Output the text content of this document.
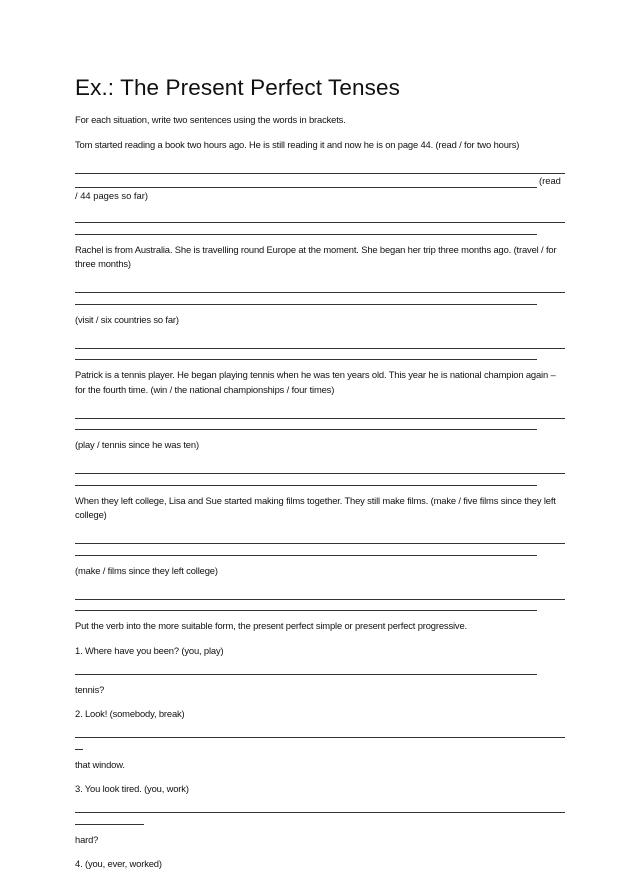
Ex.: The Present Perfect Tenses

For each situation, write two sentences using the words in brackets.

Tom started reading a book two hours ago. He is still reading it and now he is on page 44. (read / for two hours)

(read
/ 44 pages so far)

Rachel is from Australia. She is travelling round Europe at the moment. She began her trip three months ago. (travel / for three months)

(visit / six countries so far)

Patrick is a tennis player. He began playing tennis when he was ten years old. This year he is national champion again – for the fourth time. (win / the national championships / four times)

(play / tennis since he was ten)

When they left college, Lisa and Sue started making films together. They still make films. (make / five films since they left college)

(make / films since they left college)

Put the verb into the more suitable form, the present perfect simple or present perfect progressive.

1. Where have you been? (you, play)

tennis?

2. Look! (somebody, break)

that window.

3. You look tired. (you, work)

hard?

4. (you, ever, worked)
